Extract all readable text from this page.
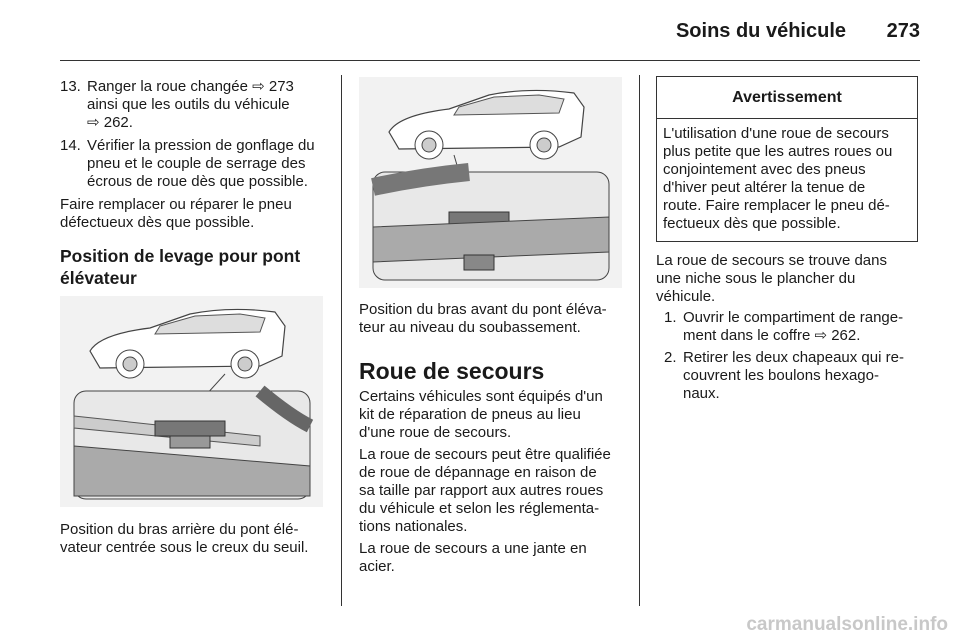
Soins du véhicule	273
13. Ranger la roue changée ⇨ 273
ainsi que les outils du véhicule
⇨ 262.
14. Vérifier la pression de gonflage du
pneu et le couple de serrage des
écrous de roue dès que possible.
Faire remplacer ou réparer le pneu
défectueux dès que possible.
Position de levage pour pont
élévateur
Position du bras arrière du pont élé-
vateur centrée sous le creux du seuil.
Position du bras avant du pont éléva-
teur au niveau du soubassement.
Roue de secours
Certains véhicules sont équipés d'un
kit de réparation de pneus au lieu
d'une roue de secours.
La roue de secours peut être qualifiée
de roue de dépannage en raison de
sa taille par rapport aux autres roues
du véhicule et selon les réglementa-
tions nationales.
La roue de secours a une jante en
acier.
Avertissement
L'utilisation d'une roue de secours
plus petite que les autres roues ou
conjointement avec des pneus
d'hiver peut altérer la tenue de
route. Faire remplacer le pneu dé-
fectueux dès que possible.
La roue de secours se trouve dans
une niche sous le plancher du
véhicule.
1. Ouvrir le compartiment de range-
ment dans le coffre ⇨ 262.
2. Retirer les deux chapeaux qui re-
couvrent les boulons hexago-
naux.
carmanualsonline.info
